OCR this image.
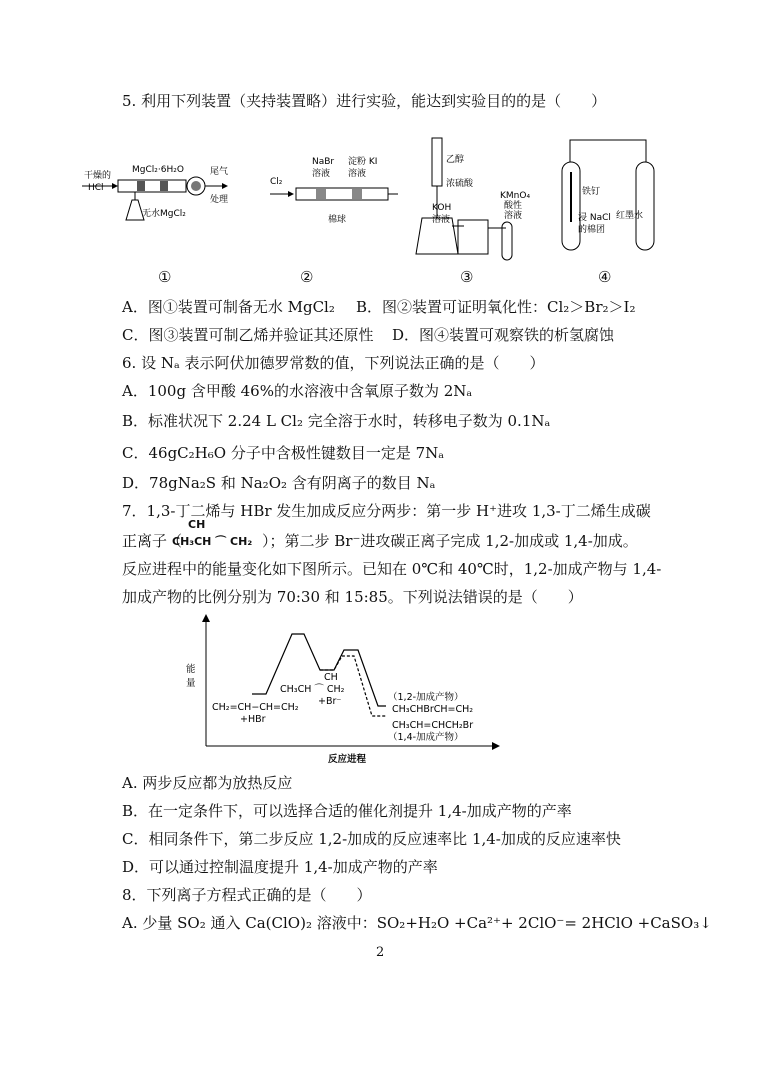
5. 利用下列装置（夹持装置略）进行实验，能达到实验目的的是（　　）
干燥的
HCl
MgCl₂·6H₂O	尾气
处理
无水MgCl₂
Cl₂
NaBr
溶液
淀粉 KI
溶液
棉球
乙醇
浓硫酸
KOH
溶液
KMnO₄
酸性
溶液
铁钉
浸 NaCl
的棉团
红墨水
①	②	③	④
A．图①装置可制备无水 MgCl₂ B．图②装置可证明氧化性：Cl₂＞Br₂＞I₂
C．图③装置可制乙烯并验证其还原性 D．图④装置可观察铁的析氢腐蚀
6. 设 Nₐ 表示阿伏加德罗常数的值，下列说法正确的是（　　）
A．100g 含甲酸 46%的水溶液中含氧原子数为 2Nₐ
B．标准状况下 2.24 L Cl₂ 完全溶于水时，转移电子数为 0.1Nₐ
C．46gC₂H₆O 分子中含极性键数目一定是 7Nₐ
D．78gNa₂S 和 Na₂O₂ 含有阴离子的数目 Nₐ
7．1,3-丁二烯与 HBr 发生加成反应分两步：第一步 H⁺进攻 1,3-丁二烯生成碳
正离子（
CH
CH₃CH ⌒ CH₂ ）；第二步 Br⁻进攻碳正离子完成 1,2-加成或 1,4-加成。
反应进程中的能量变化如下图所示。已知在 0℃和 40℃时，1,2-加成产物与 1,4-
加成产物的比例分别为 70:30 和 15:85。下列说法错误的是（　　）
能
量
反应进程
CH₂=CH−CH=CH₂
+HBr
CH
CH₃CH ⌒ CH₂
+Br⁻	（1,2-加成产物）
CH₃CHBrCH=CH₂
CH₃CH=CHCH₂Br
（1,4-加成产物）
A. 两步反应都为放热反应
B．在一定条件下，可以选择合适的催化剂提升 1,4-加成产物的产率
C．相同条件下，第二步反应 1,2-加成的反应速率比 1,4-加成的反应速率快
D．可以通过控制温度提升 1,4-加成产物的产率
8．下列离子方程式正确的是（　　）
A. 少量 SO₂ 通入 Ca(ClO)₂ 溶液中：SO₂+H₂O +Ca²⁺+ 2ClO⁻= 2HClO +CaSO₃↓
2
